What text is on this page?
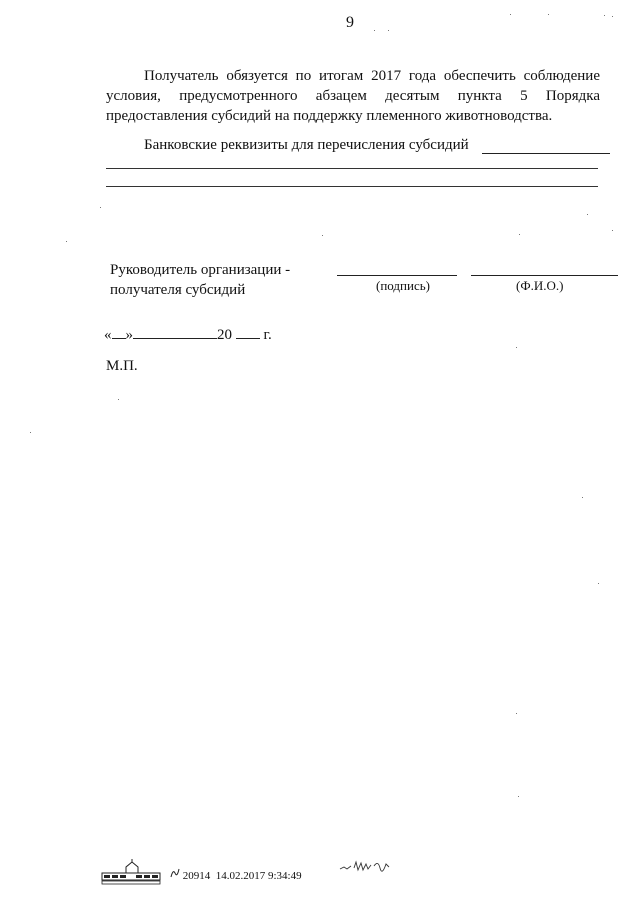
9
Получатель обязуется по итогам 2017 года обеспечить соблюдение
условия, предусмотренного абзацем десятым пункта 5 Порядка
предоставления субсидий на поддержку племенного животноводства.
Банковские реквизиты для перечисления субсидий
Руководитель организации -
получателя субсидий	(подпись)	(Ф.И.О.)
« »	20 г.
М.П.
20914 14.02.2017 9:34:49
